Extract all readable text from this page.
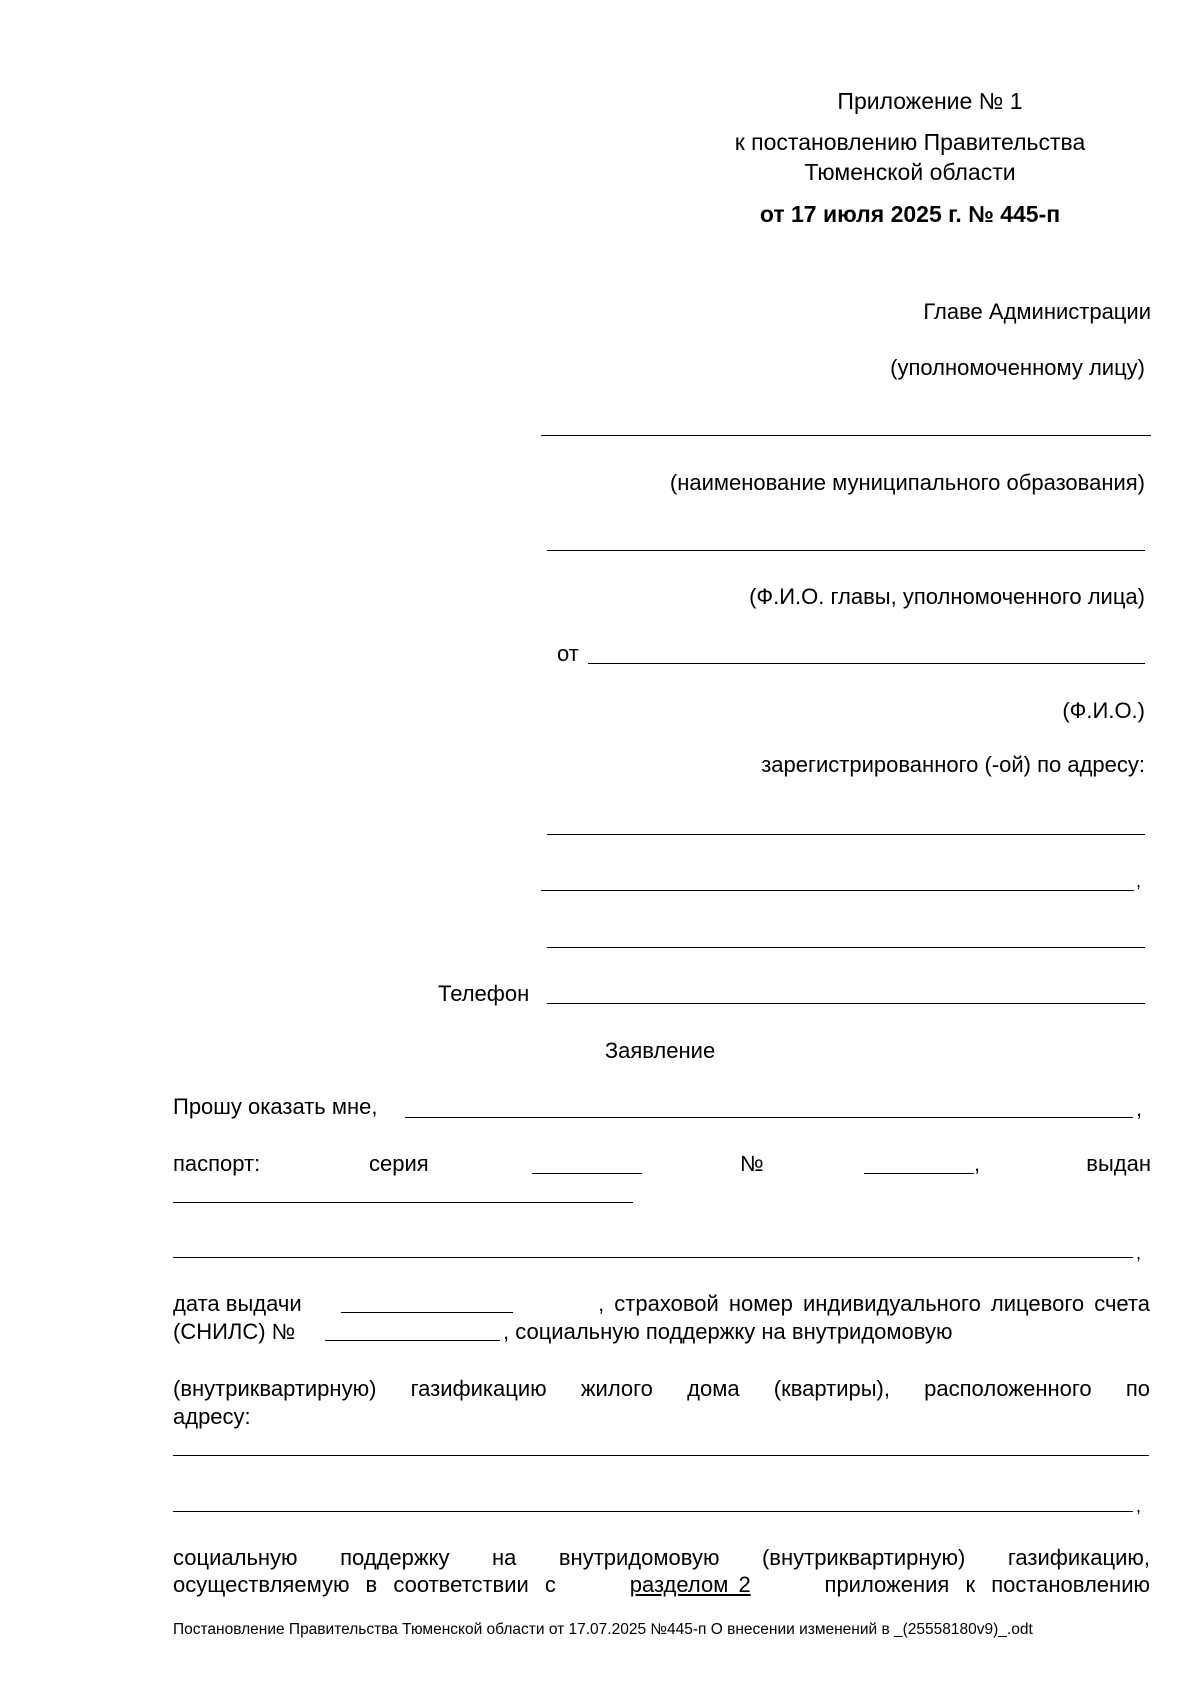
Приложение № 1
к постановлению Правительства
Тюменской области
от 17 июля 2025 г. № 445-п
Главе Администрации
(уполномоченному лицу)
(наименование муниципального образования)
(Ф.И.О. главы, уполномоченного лица)
от
(Ф.И.О.)
зарегистрированного (-ой) по адресу:
,
Телефон
Заявление
Прошу оказать мне,	,
паспорт:	серия	№	,	выдан
,
дата выдачи	, страховой номер индивидуального лицевого счета
(СНИЛС) №	, социальную поддержку на внутридомовую
(внутриквартирную) газификацию жилого дома (квартиры), расположенного по
адресу:
,
социальную поддержку на внутридомовую (внутриквартирную) газификацию,
осуществляемую в соответствии с	разделом 2	приложения к постановлению
Постановление Правительства Тюменской области от 17.07.2025 №445-п О внесении изменений в _(25558180v9)_.odt
